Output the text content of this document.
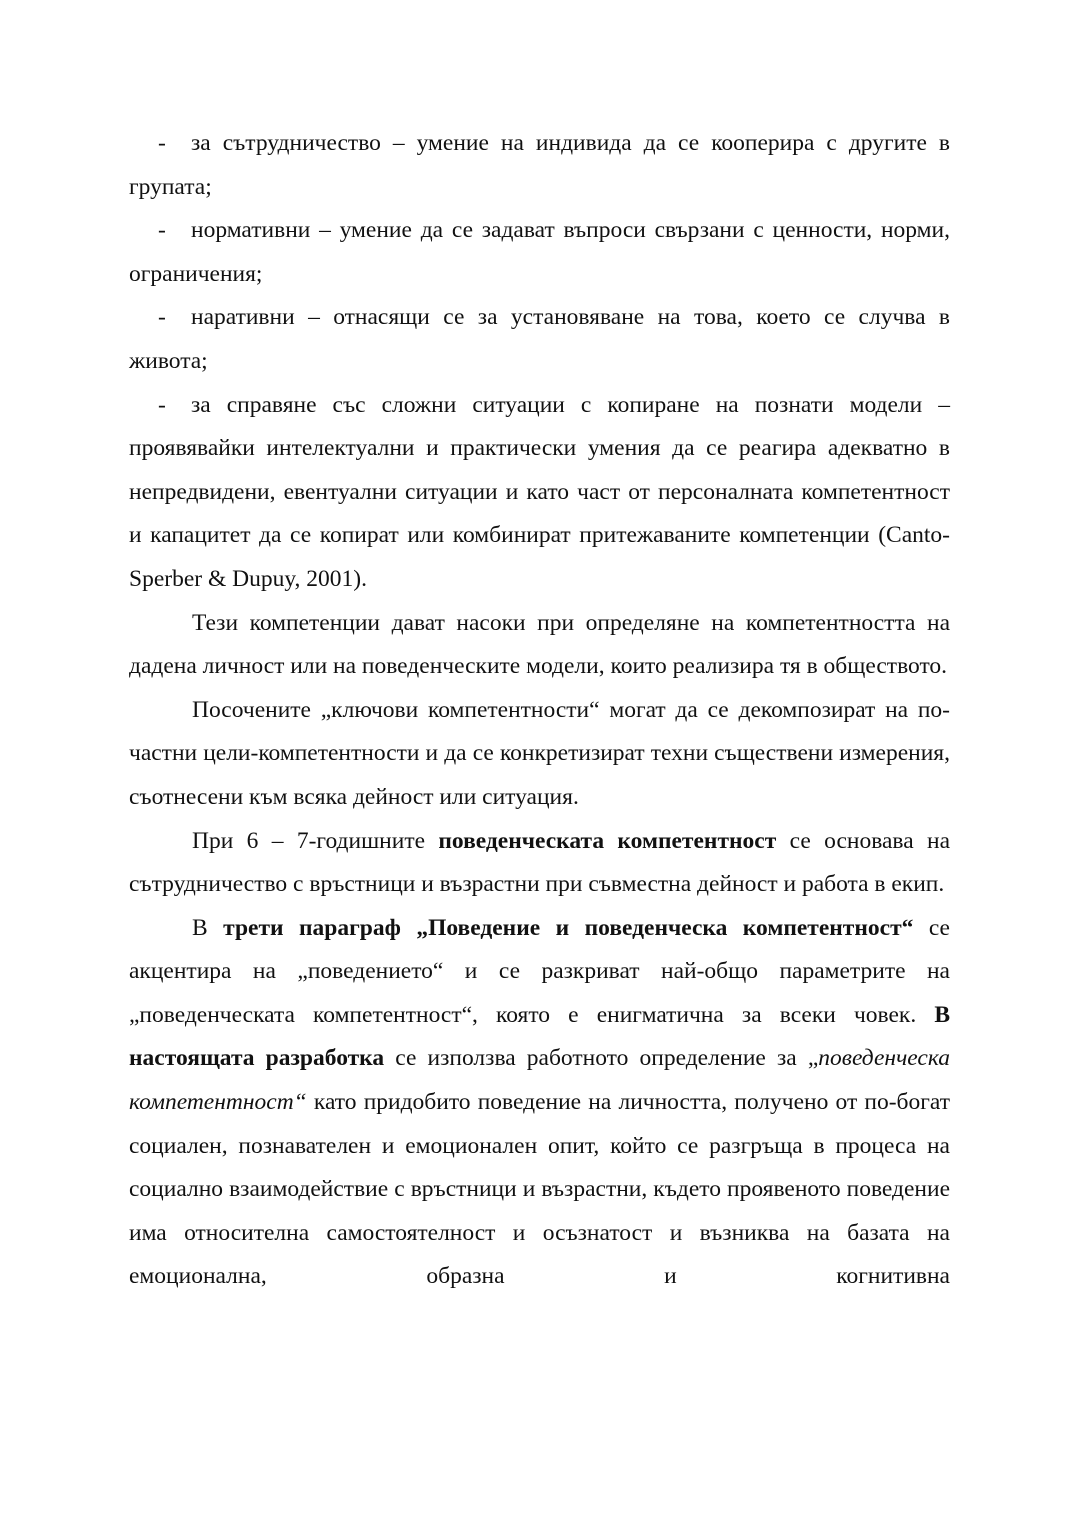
- за сътрудничество – умение на индивида да се кооперира с другите в групата;

- нормативни – умение да се задават въпроси свързани с ценности, норми, ограничения;

- наративни – отнасящи се за установяване на това, което се случва в живота;

- за справяне със сложни ситуации с копиране на познати модели – проявявайки интелектуални и практически умения да се реагира адекватно в непредвидени, евентуални ситуации и като част от персоналната компетентност и капацитет да се копират или комбинират притежаваните компетенции (Canto-Sperber & Dupuy, 2001).

Тези компетенции дават насоки при определяне на компетентността на дадена личност или на поведенческите модели, които реализира тя в обществото.

Посочените „ключови компетентности“ могат да се декомпозират на по-частни цели-компетентности и да се конкретизират техни съществени измерения, съотнесени към всяка дейност или ситуация.

При 6 – 7-годишните поведенческата компетентност се основава на сътрудничество с връстници и възрастни при съвместна дейност и работа в екип.

В трети параграф „Поведение и поведенческа компетентност“ се акцентира на „поведението“ и се разкриват най-общо параметрите на „поведенческата компетентност“, която е енигматична за всеки човек. В настоящата разработка се използва работното определение за „поведенческа компетентност“ като придобито поведение на личността, получено от по-богат социален, познавателен и емоционален опит, който се разгръща в процеса на социално взаимодействие с връстници и възрастни, където проявеното поведение има относителна самостоятелност и осъзнатост и възниква на базата на емоционална, образна и когнитивна
